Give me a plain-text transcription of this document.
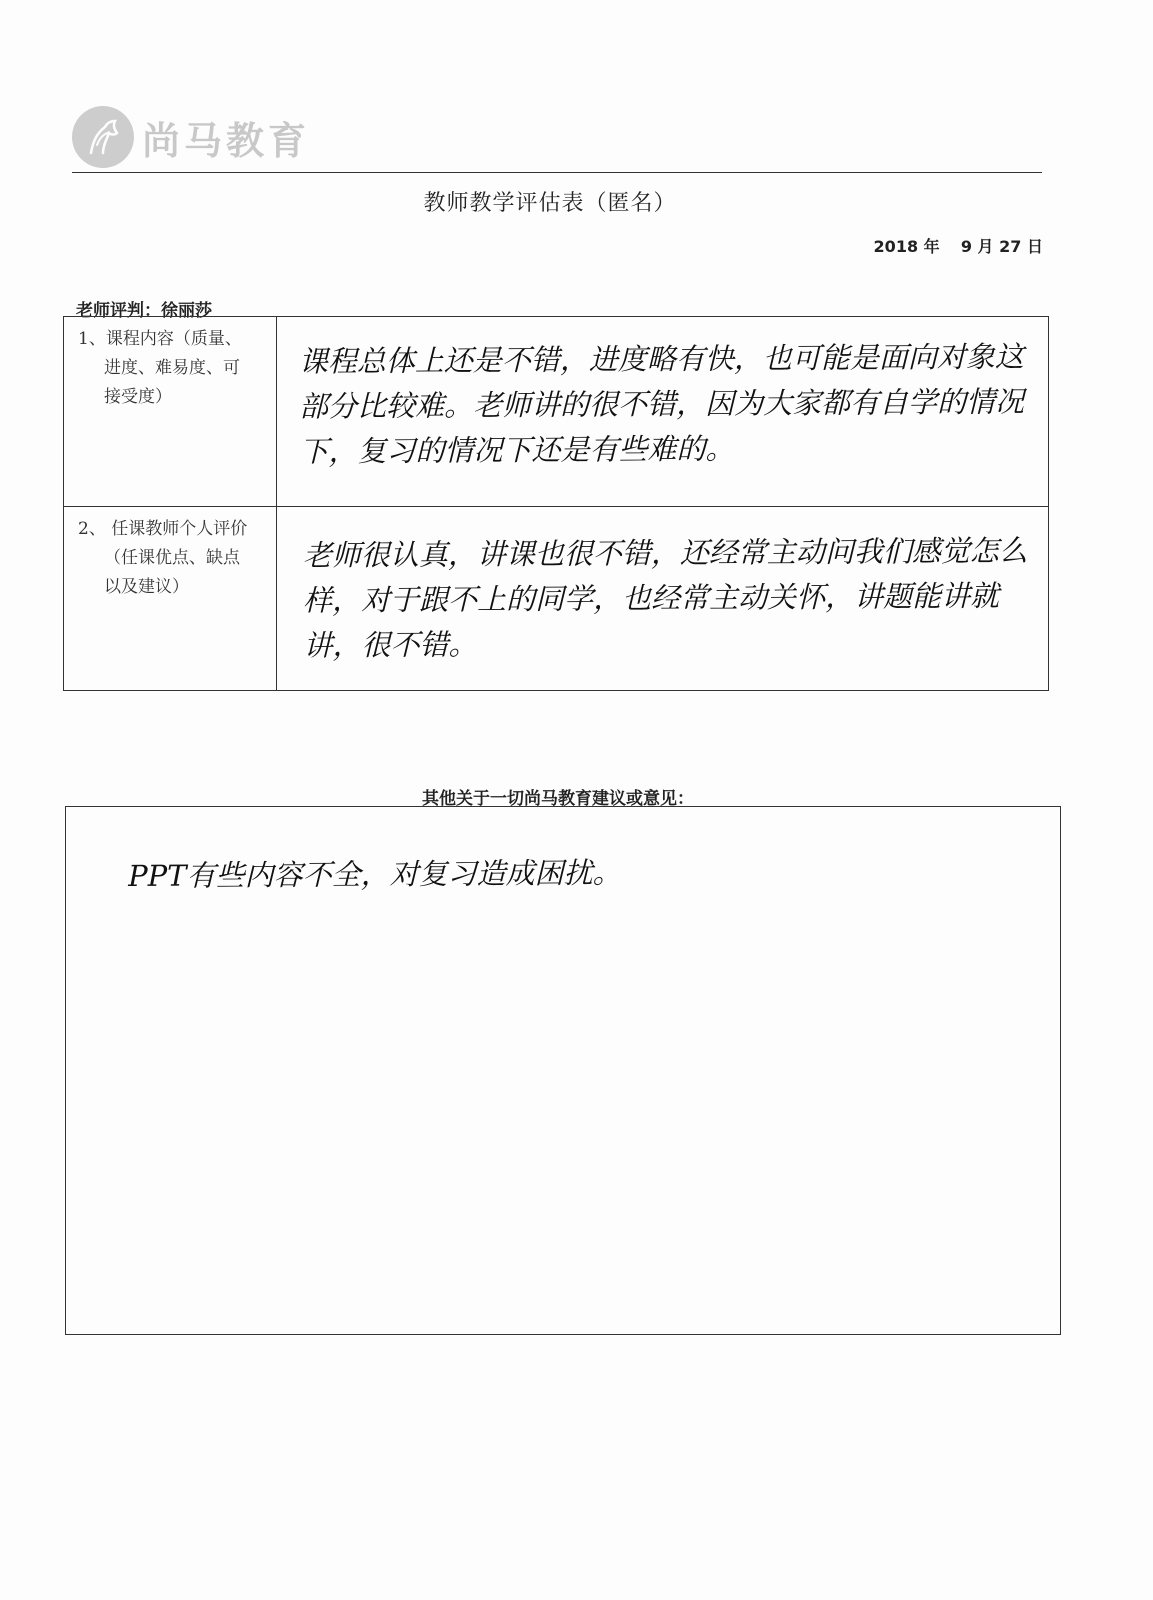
尚马教育
教师教学评估表（匿名）
2018 年 9 月 27 日
老师评判：徐丽莎
1、课程内容（质量、
进度、难易度、可
接受度）	课程总体上还是不错，进度略有快，也可能是面向对象这部分比较难。老师讲的很不错，因为大家都有自学的情况下，复习的情况下还是有些难的。

2、 任课教师个人评价
（任课优点、缺点
以及建议）	老师很认真，讲课也很不错，还经常主动问我们感觉怎么样，对于跟不上的同学，也经常主动关怀，讲题能讲就讲，很不错。
其他关于一切尚马教育建议或意见：
PPT有些内容不全，对复习造成困扰。
